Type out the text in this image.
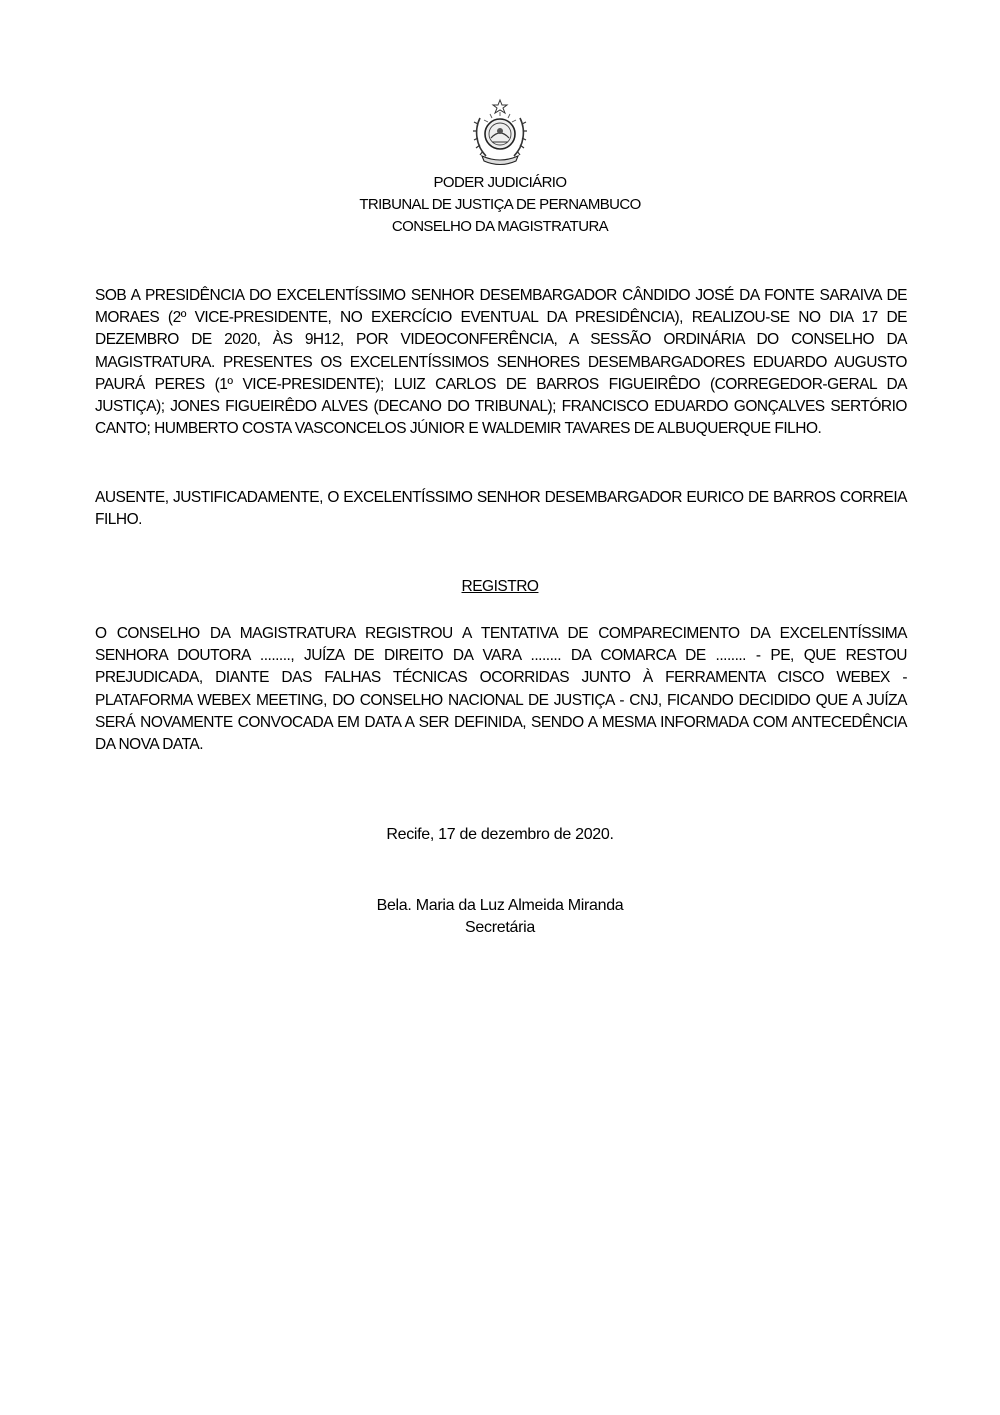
PODER JUDICIÁRIO
TRIBUNAL DE JUSTIÇA DE PERNAMBUCO
CONSELHO DA MAGISTRATURA

SOB A PRESIDÊNCIA DO EXCELENTÍSSIMO SENHOR DESEMBARGADOR CÂNDIDO JOSÉ DA FONTE SARAIVA DE MORAES (2º VICE-PRESIDENTE, NO EXERCÍCIO EVENTUAL DA PRESIDÊNCIA), REALIZOU-SE NO DIA 17 DE DEZEMBRO DE 2020, ÀS 9H12, POR VIDEOCONFERÊNCIA, A SESSÃO ORDINÁRIA DO CONSELHO DA MAGISTRATURA. PRESENTES OS EXCELENTÍSSIMOS SENHORES DESEMBARGADORES EDUARDO AUGUSTO PAURÁ PERES (1º VICE-PRESIDENTE); LUIZ CARLOS DE BARROS FIGUEIRÊDO (CORREGEDOR-GERAL DA JUSTIÇA); JONES FIGUEIRÊDO ALVES (DECANO DO TRIBUNAL); FRANCISCO EDUARDO GONÇALVES SERTÓRIO CANTO; HUMBERTO COSTA VASCONCELOS JÚNIOR E WALDEMIR TAVARES DE ALBUQUERQUE FILHO.

AUSENTE, JUSTIFICADAMENTE, O EXCELENTÍSSIMO SENHOR DESEMBARGADOR EURICO DE BARROS CORREIA FILHO.

REGISTRO

O CONSELHO DA MAGISTRATURA REGISTROU A TENTATIVA DE COMPARECIMENTO DA EXCELENTÍSSIMA SENHORA DOUTORA ........, JUÍZA DE DIREITO DA VARA ........ DA COMARCA DE ........ - PE, QUE RESTOU PREJUDICADA, DIANTE DAS FALHAS TÉCNICAS OCORRIDAS JUNTO À FERRAMENTA CISCO WEBEX - PLATAFORMA WEBEX MEETING, DO CONSELHO NACIONAL DE JUSTIÇA - CNJ, FICANDO DECIDIDO QUE A JUÍZA SERÁ NOVAMENTE CONVOCADA EM DATA A SER DEFINIDA, SENDO A MESMA INFORMADA COM ANTECEDÊNCIA DA NOVA DATA.

Recife, 17 de dezembro de 2020.
Bela. Maria da Luz Almeida Miranda
Secretária
